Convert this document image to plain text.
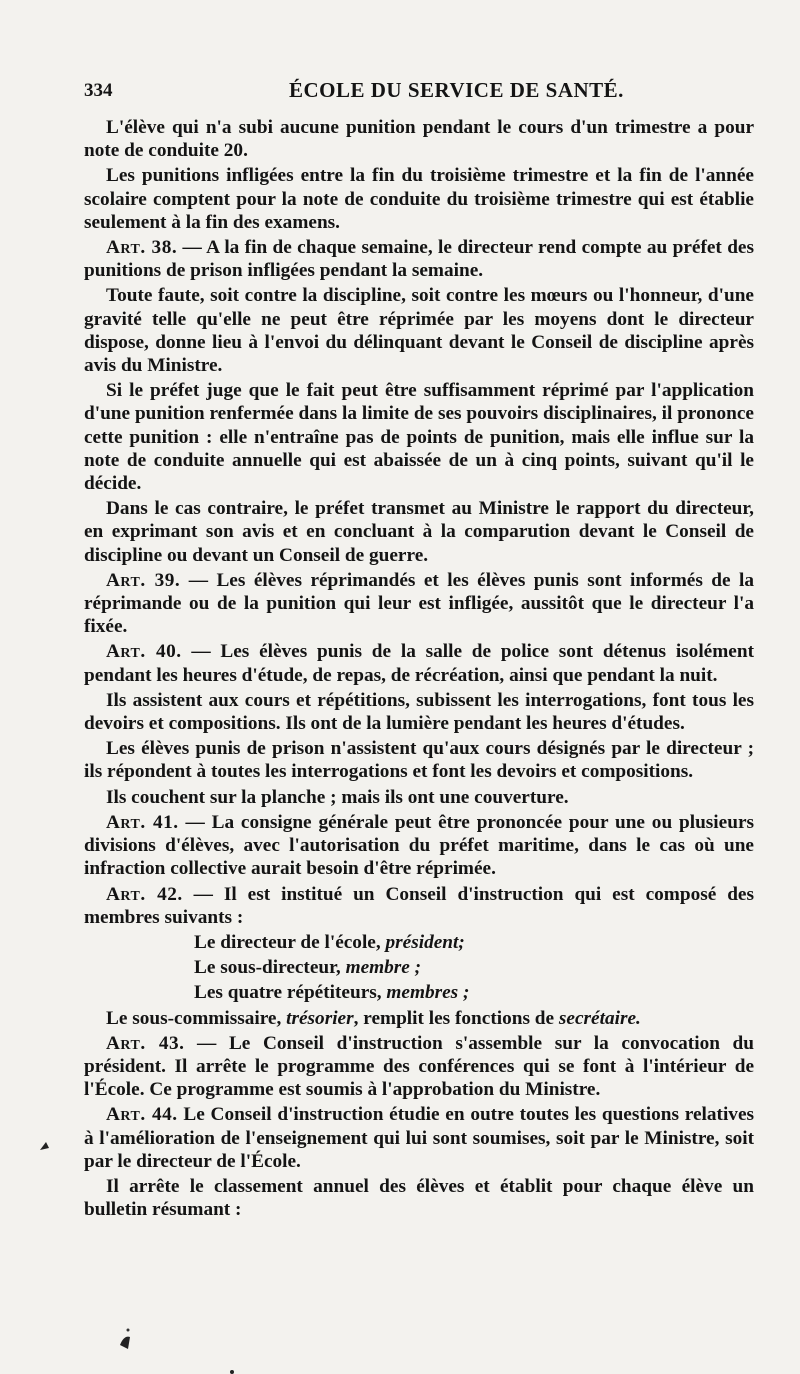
334	ÉCOLE DU SERVICE DE SANTÉ.

L'élève qui n'a subi aucune punition pendant le cours d'un trimestre a pour note de conduite 20.

Les punitions infligées entre la fin du troisième trimestre et la fin de l'année scolaire comptent pour la note de conduite du troisième trimestre qui est établie seulement à la fin des examens.

Art. 38. — A la fin de chaque semaine, le directeur rend compte au préfet des punitions de prison infligées pendant la semaine.

Toute faute, soit contre la discipline, soit contre les mœurs ou l'honneur, d'une gravité telle qu'elle ne peut être réprimée par les moyens dont le directeur dispose, donne lieu à l'envoi du délinquant devant le Conseil de discipline après avis du Ministre.

Si le préfet juge que le fait peut être suffisamment réprimé par l'application d'une punition renfermée dans la limite de ses pouvoirs disciplinaires, il prononce cette punition : elle n'entraîne pas de points de punition, mais elle influe sur la note de conduite annuelle qui est abaissée de un à cinq points, suivant qu'il le décide.

Dans le cas contraire, le préfet transmet au Ministre le rapport du directeur, en exprimant son avis et en concluant à la comparution devant le Conseil de discipline ou devant un Conseil de guerre.

Art. 39. — Les élèves réprimandés et les élèves punis sont informés de la réprimande ou de la punition qui leur est infligée, aussitôt que le directeur l'a fixée.

Art. 40. — Les élèves punis de la salle de police sont détenus isolément pendant les heures d'étude, de repas, de récréation, ainsi que pendant la nuit.

Ils assistent aux cours et répétitions, subissent les interrogations, font tous les devoirs et compositions. Ils ont de la lumière pendant les heures d'études.

Les élèves punis de prison n'assistent qu'aux cours désignés par le directeur ; ils répondent à toutes les interrogations et font les devoirs et compositions.

Ils couchent sur la planche ; mais ils ont une couverture.

Art. 41. — La consigne générale peut être prononcée pour une ou plusieurs divisions d'élèves, avec l'autorisation du préfet maritime, dans le cas où une infraction collective aurait besoin d'être réprimée.

Art. 42. — Il est institué un Conseil d'instruction qui est composé des membres suivants :

Le directeur de l'école, président;

Le sous-directeur, membre ;

Les quatre répétiteurs, membres ;

Le sous-commissaire, trésorier, remplit les fonctions de secrétaire.

Art. 43. — Le Conseil d'instruction s'assemble sur la convocation du président. Il arrête le programme des conférences qui se font à l'intérieur de l'École. Ce programme est soumis à l'approbation du Ministre.

Art. 44. Le Conseil d'instruction étudie en outre toutes les questions relatives à l'amélioration de l'enseignement qui lui sont soumises, soit par le Ministre, soit par le directeur de l'École.

Il arrête le classement annuel des élèves et établit pour chaque élève un bulletin résumant :
